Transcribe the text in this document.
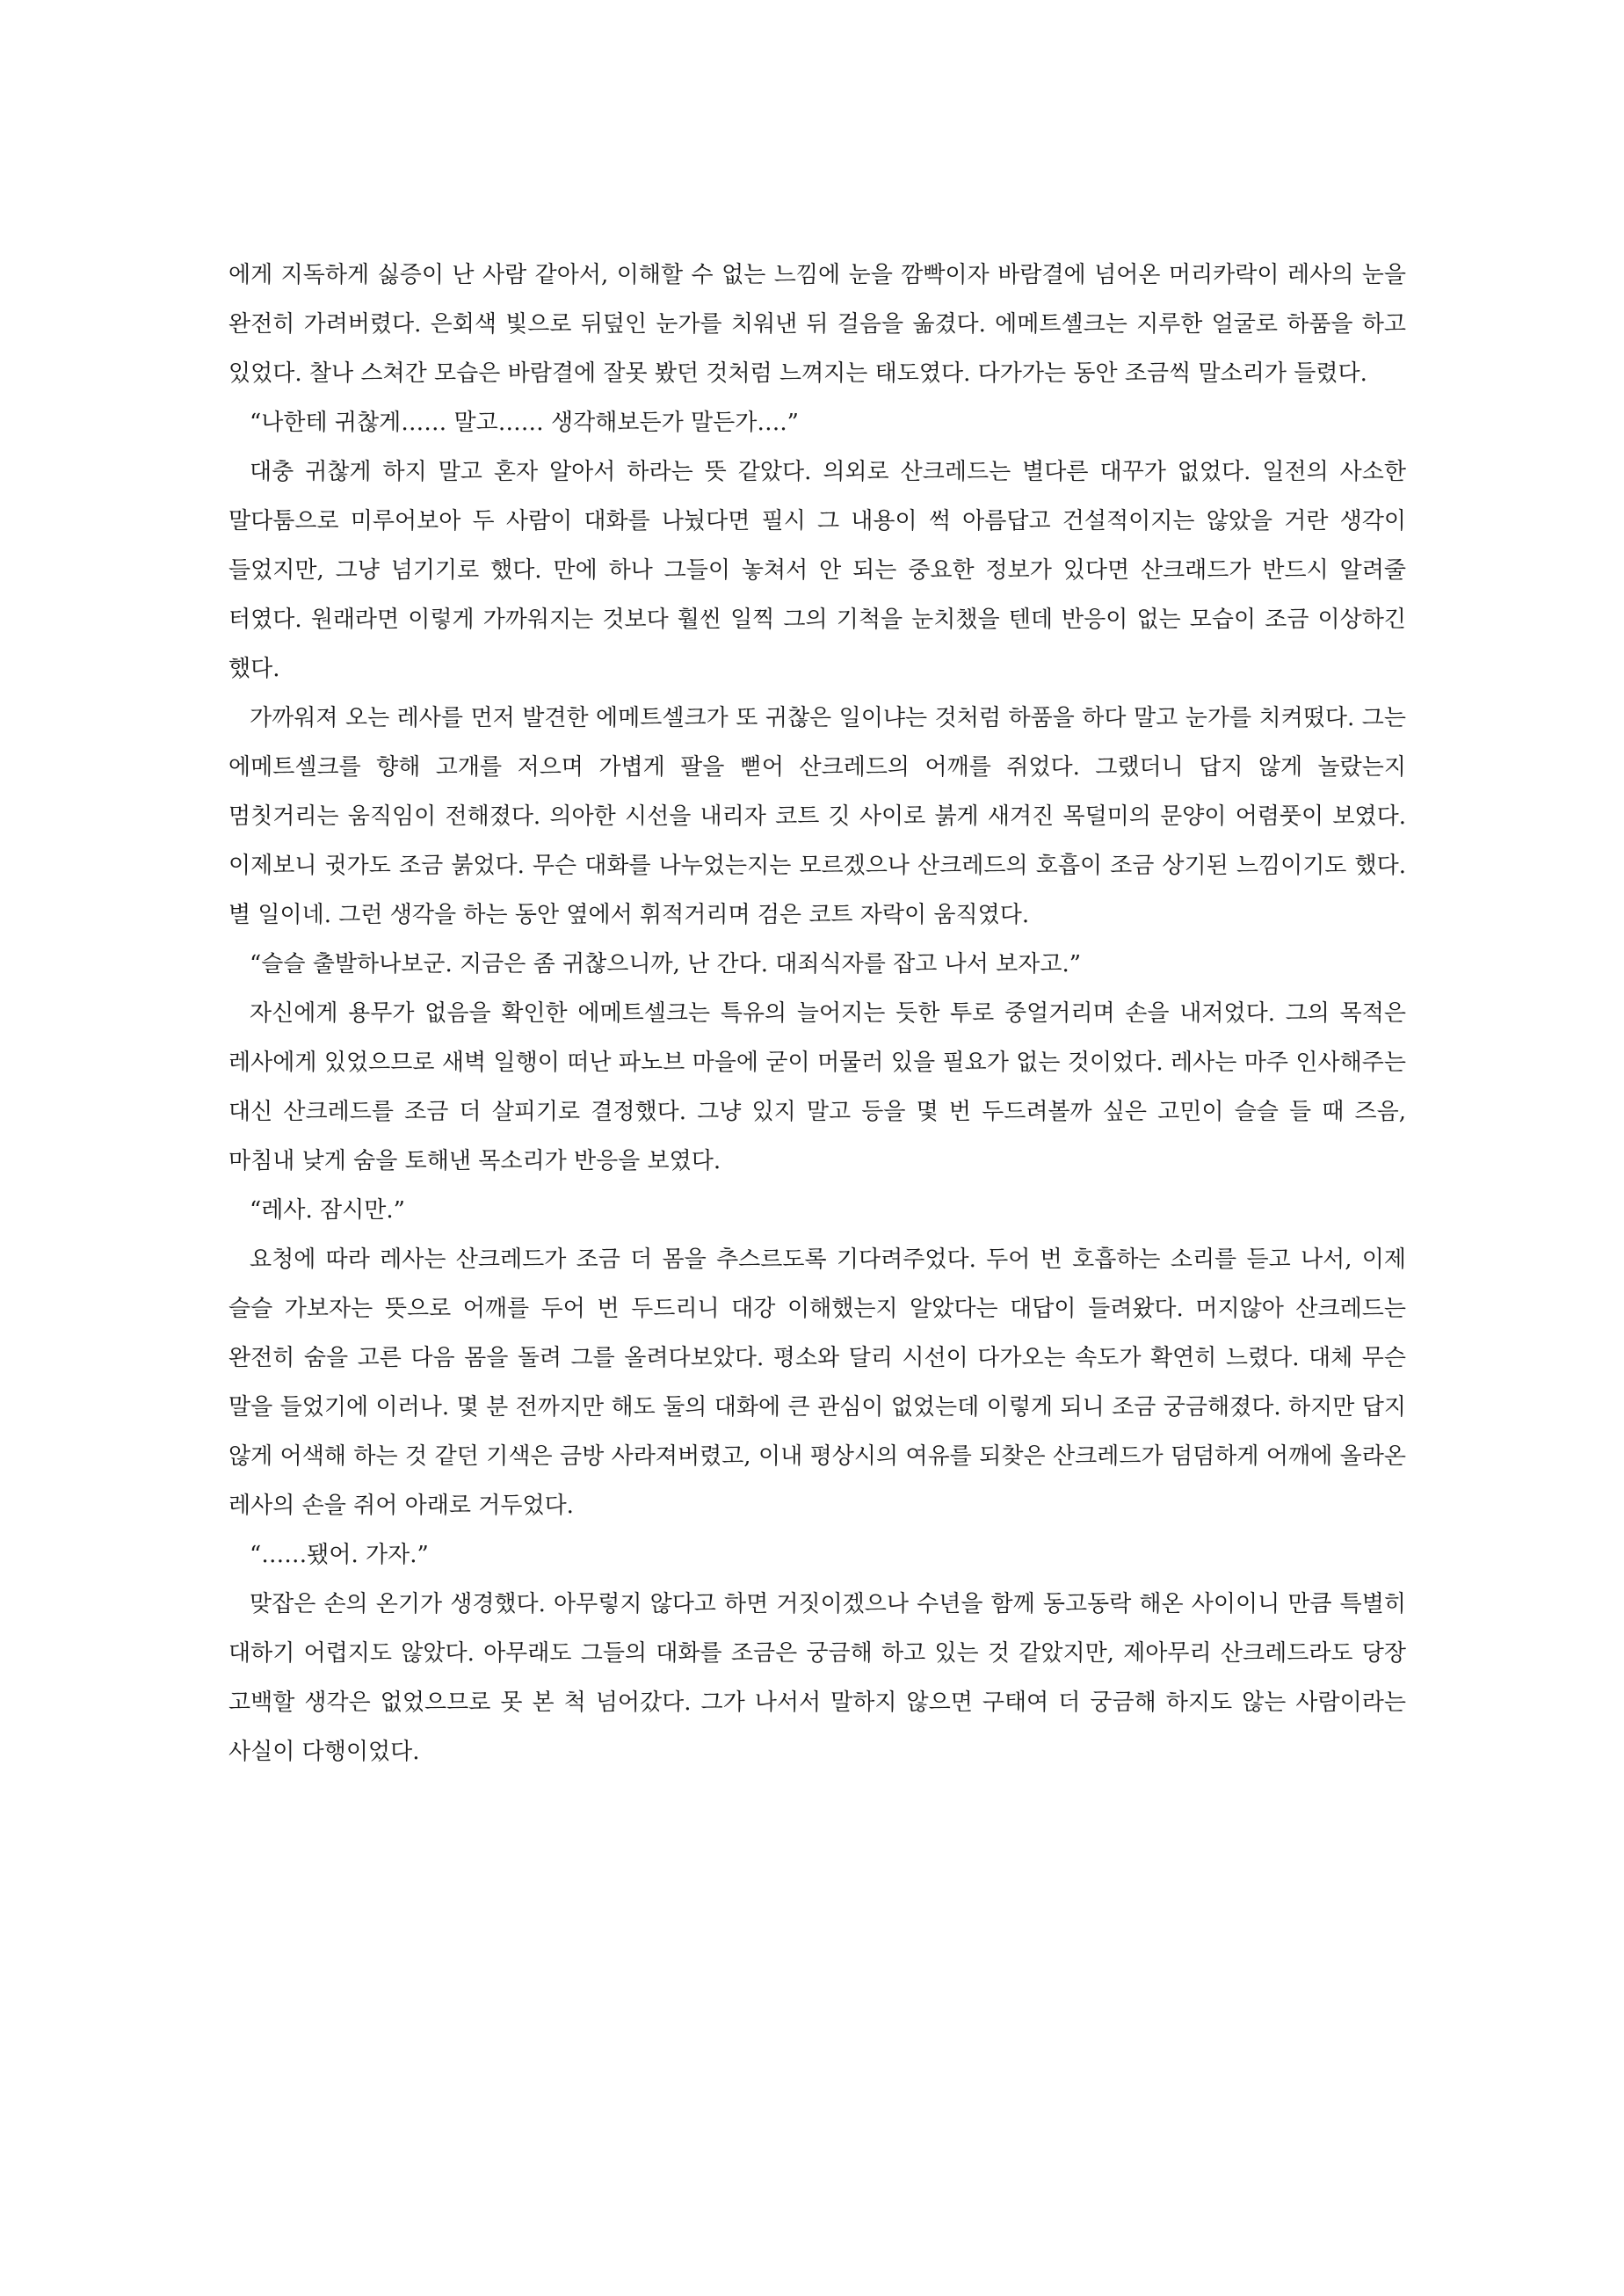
에게 지독하게 싫증이 난 사람 같아서, 이해할 수 없는 느낌에 눈을 깜빡이자 바람결에 넘어온 머리카락이 레사의 눈을 완전히 가려버렸다. 은회색 빛으로 뒤덮인 눈가를 치워낸 뒤 걸음을 옮겼다. 에메트셸크는 지루한 얼굴로 하품을 하고 있었다. 찰나 스쳐간 모습은 바람결에 잘못 봤던 것처럼 느껴지는 태도였다. 다가가는 동안 조금씩 말소리가 들렸다.

“나한테 귀찮게…… 말고…… 생각해보든가 말든가….”

대충 귀찮게 하지 말고 혼자 알아서 하라는 뜻 같았다. 의외로 산크레드는 별다른 대꾸가 없었다. 일전의 사소한 말다툼으로 미루어보아 두 사람이 대화를 나눴다면 필시 그 내용이 썩 아름답고 건설적이지는 않았을 거란 생각이 들었지만, 그냥 넘기기로 했다. 만에 하나 그들이 놓쳐서 안 되는 중요한 정보가 있다면 산크래드가 반드시 알려줄 터였다. 원래라면 이렇게 가까워지는 것보다 훨씬 일찍 그의 기척을 눈치챘을 텐데 반응이 없는 모습이 조금 이상하긴 했다.

가까워져 오는 레사를 먼저 발견한 에메트셀크가 또 귀찮은 일이냐는 것처럼 하품을 하다 말고 눈가를 치켜떴다. 그는 에메트셀크를 향해 고개를 저으며 가볍게 팔을 뻗어 산크레드의 어깨를 쥐었다. 그랬더니 답지 않게 놀랐는지 멈칫거리는 움직임이 전해졌다. 의아한 시선을 내리자 코트 깃 사이로 붉게 새겨진 목덜미의 문양이 어렴풋이 보였다. 이제보니 귓가도 조금 붉었다. 무슨 대화를 나누었는지는 모르겠으나 산크레드의 호흡이 조금 상기된 느낌이기도 했다. 별 일이네. 그런 생각을 하는 동안 옆에서 휘적거리며 검은 코트 자락이 움직였다.

“슬슬 출발하나보군. 지금은 좀 귀찮으니까, 난 간다. 대죄식자를 잡고 나서 보자고.”

자신에게 용무가 없음을 확인한 에메트셀크는 특유의 늘어지는 듯한 투로 중얼거리며 손을 내저었다. 그의 목적은 레사에게 있었으므로 새벽 일행이 떠난 파노브 마을에 굳이 머물러 있을 필요가 없는 것이었다. 레사는 마주 인사해주는 대신 산크레드를 조금 더 살피기로 결정했다. 그냥 있지 말고 등을 몇 번 두드려볼까 싶은 고민이 슬슬 들 때 즈음, 마침내 낮게 숨을 토해낸 목소리가 반응을 보였다.

“레사. 잠시만.”

요청에 따라 레사는 산크레드가 조금 더 몸을 추스르도록 기다려주었다. 두어 번 호흡하는 소리를 듣고 나서, 이제 슬슬 가보자는 뜻으로 어깨를 두어 번 두드리니 대강 이해했는지 알았다는 대답이 들려왔다. 머지않아 산크레드는 완전히 숨을 고른 다음 몸을 돌려 그를 올려다보았다. 평소와 달리 시선이 다가오는 속도가 확연히 느렸다. 대체 무슨 말을 들었기에 이러나. 몇 분 전까지만 해도 둘의 대화에 큰 관심이 없었는데 이렇게 되니 조금 궁금해졌다. 하지만 답지 않게 어색해 하는 것 같던 기색은 금방 사라져버렸고, 이내 평상시의 여유를 되찾은 산크레드가 덤덤하게 어깨에 올라온 레사의 손을 쥐어 아래로 거두었다.

“……됐어. 가자.”

맞잡은 손의 온기가 생경했다. 아무렇지 않다고 하면 거짓이겠으나 수년을 함께 동고동락 해온 사이이니 만큼 특별히 대하기 어렵지도 않았다. 아무래도 그들의 대화를 조금은 궁금해 하고 있는 것 같았지만, 제아무리 산크레드라도 당장 고백할 생각은 없었으므로 못 본 척 넘어갔다. 그가 나서서 말하지 않으면 구태여 더 궁금해 하지도 않는 사람이라는 사실이 다행이었다.
